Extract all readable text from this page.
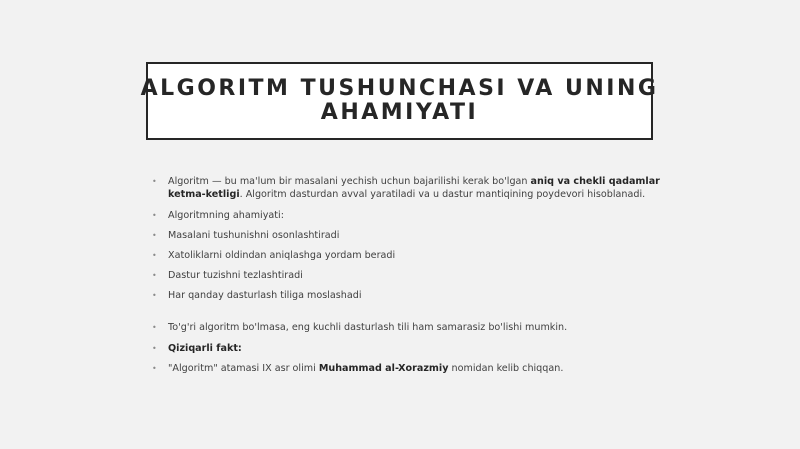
ALGORITM TUSHUNCHASI VA UNING
AHAMIYATI
• Algoritm — bu ma'lum bir masalani yechish uchun bajarilishi kerak bo'lgan aniq va chekli qadamlar
ketma-ketligi. Algoritm dasturdan avval yaratiladi va u dastur mantiqining poydevori hisoblanadi.
• Algoritmning ahamiyati:
• Masalani tushunishni osonlashtiradi
• Xatoliklarni oldindan aniqlashga yordam beradi
• Dastur tuzishni tezlashtiradi
• Har qanday dasturlash tiliga moslashadi
• To'g'ri algoritm bo'lmasa, eng kuchli dasturlash tili ham samarasiz bo'lishi mumkin.
• Qiziqarli fakt:
• "Algoritm" atamasi IX asr olimi Muhammad al-Xorazmiy nomidan kelib chiqqan.
